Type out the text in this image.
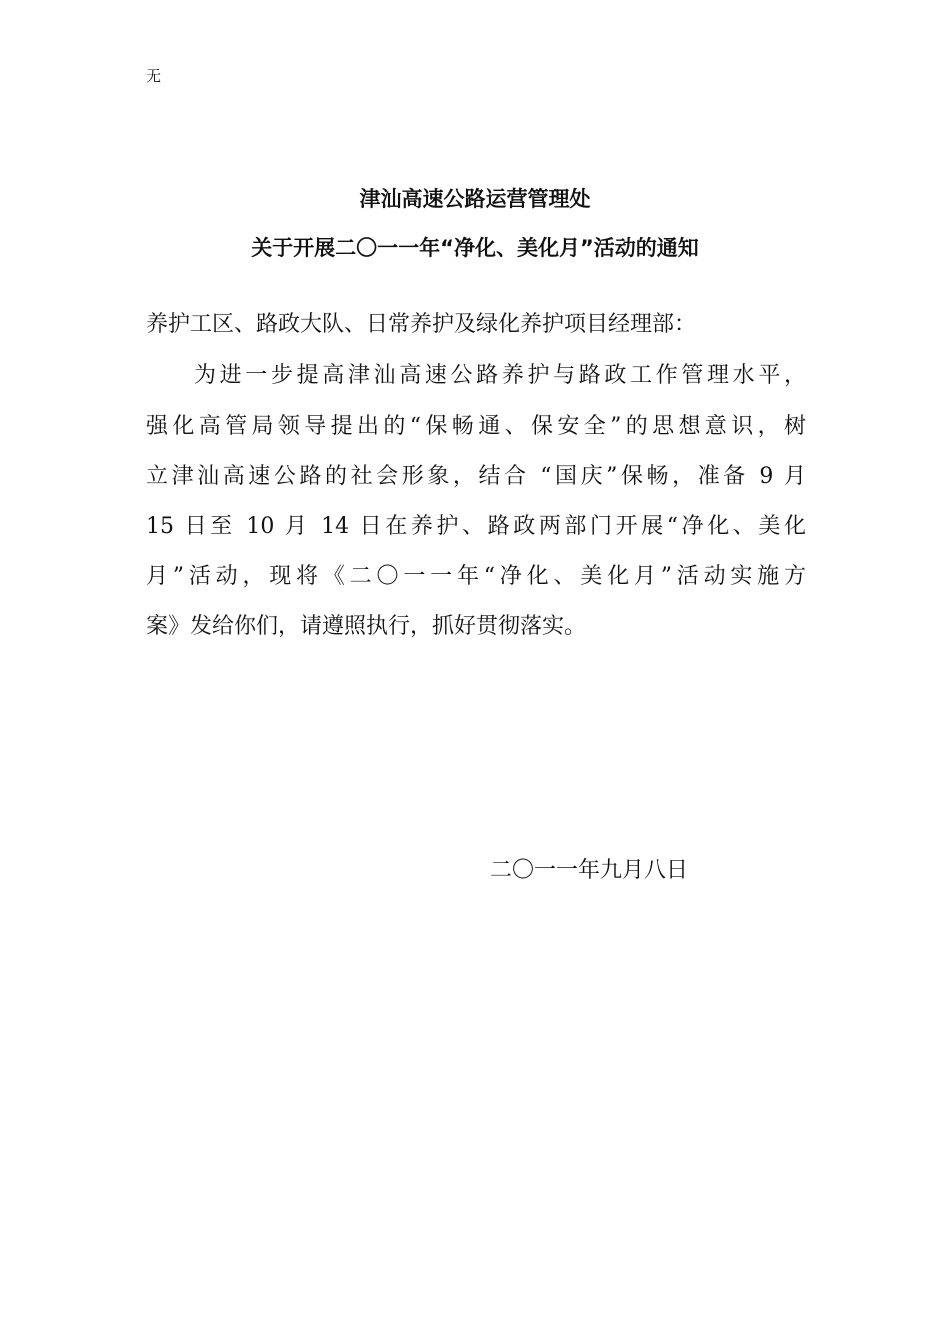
无
津汕高速公路运营管理处
关于开展二〇一一年“净化、美化月”活动的通知
养护工区、路政大队、日常养护及绿化养护项目经理部：
为进一步提高津汕高速公路养护与路政工作管理水平，
强化高管局领导提出的“保畅通、保安全”的思想意识，树
立津汕高速公路的社会形象，结合 “国庆”保畅，准备 9 月
15 日至 10 月 14 日在养护、路政两部门开展“净化、美化
月”活动，现将《二〇一一年“净化、美化月”活动实施方
案》发给你们，请遵照执行，抓好贯彻落实。
二〇一一年九月八日
